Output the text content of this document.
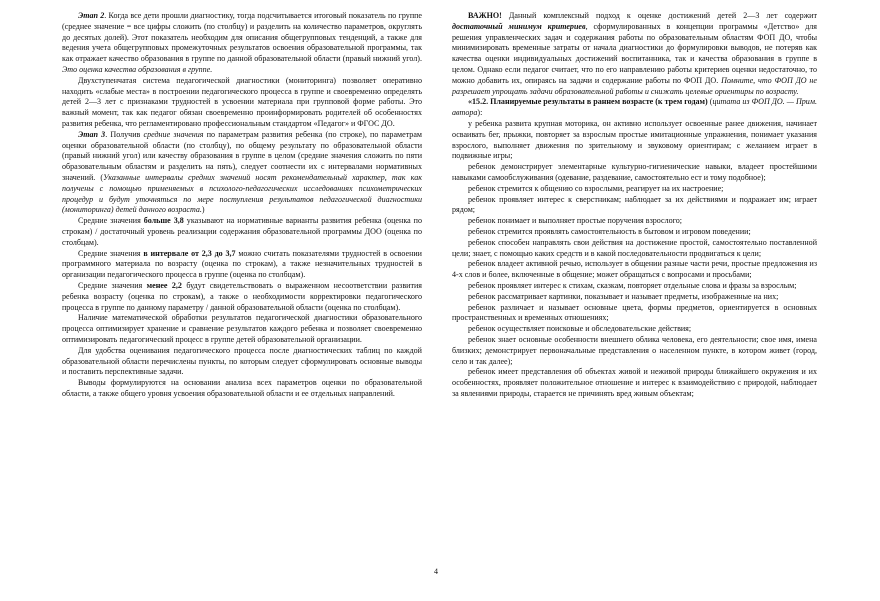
Этап 2. Когда все дети прошли диагностику, тогда подсчитывается итоговый показатель по группе (среднее значение = все цифры сложить (по столбцу) и разделить на количество параметров, округлять до десятых долей). Этот показатель необходим для описания общегрупповых тенденций, а также для ведения учета общегрупповых промежуточных результатов освоения образовательной программы, так как отражает качество образования в группе по данной образовательной области (правый нижний угол). Это оценка качества образования в группе.

Двухступенчатая система педагогической диагностики (мониторинга) позволяет оперативно находить «слабые места» в построении педагогического процесса в группе и своевременно определять детей 2—3 лет с признаками трудностей в усвоении материала при групповой форме работы. Это важный момент, так как педагог обязан своевременно проинформировать родителей об особенностях развития ребенка, что регламентировано профессиональным стандартом «Педагог» и ФГОС ДО.

Этап 3. Получив средние значения по параметрам развития ребенка (по строке), по параметрам оценки образовательной области (по столбцу), по общему результату по образовательной области (правый нижний угол) или качеству образования в группе в целом (средние значения сложить по пяти образовательным областям и разделить на пять), следует соотнести их с интервалами нормативных значений. (Указанные интервалы средних значений носят рекомендательный характер, так как получены с помощью применяемых в психолого-педагогических исследованиях психометрических процедур и будут уточняться по мере поступления результатов педагогической диагностики (мониторинга) детей данного возраста.)

Средние значения больше 3,8 указывают на нормативные варианты развития ребенка (оценка по строкам) / достаточный уровень реализации содержания образовательной программы ДОО (оценка по столбцам).

Средние значения в интервале от 2,3 до 3,7 можно считать показателями трудностей в освоении программного материала по возрасту (оценка по строкам), а также незначительных трудностей в организации педагогического процесса в группе (оценка по столбцам).

Средние значения менее 2,2 будут свидетельствовать о выраженном несоответствии развития ребенка возрасту (оценка по строкам), а также о необходимости корректировки педагогического процесса в группе по данному параметру / данной образовательной области (оценка по столбцам).

Наличие математической обработки результатов педагогической диагностики образовательного процесса оптимизирует хранение и сравнение результатов каждого ребенка и позволяет своевременно оптимизировать педагогический процесс в группе детей образовательной организации.

Для удобства оценивания педагогического процесса после диагностических таблиц по каждой образовательной области перечислены пункты, по которым следует сформулировать основные выводы и поставить перспективные задачи.

Выводы формулируются на основании анализа всех параметров оценки по образовательной области, а также общего уровня усвоения образовательной области и ее отдельных направлений.

ВАЖНО! Данный комплексный подход к оценке достижений детей 2—3 лет содержит достаточный минимум критериев, сформулированных в концепции программы «Детство» для решения управленческих задач и содержания работы по образовательным областям ФОП ДО, чтобы минимизировать временные затраты от начала диагностики до формулировки выводов, не потеряв как качества оценки индивидуальных достижений воспитанника, так и качества образования в группе в целом. Однако если педагог считает, что по его направлению работы критериев оценки недостаточно, то можно добавить их, опираясь на задачи и содержание работы по ФОП ДО. Помните, что ФОП ДО не разрешает упрощать задачи образовательной работы и снижать целевые ориентиры по возрасту.

«15.2. Планируемые результаты в раннем возрасте (к трем годам) (цитата из ФОП ДО. — Прим. автора):

у ребенка развита крупная моторика, он активно использует освоенные ранее движения, начинает осваивать бег, прыжки, повторяет за взрослым простые имитационные упражнения, понимает указания взрослого, выполняет движения по зрительному и звуковому ориентирам; с желанием играет в подвижные игры;

ребенок демонстрирует элементарные культурно-гигиенические навыки, владеет простейшими навыками самообслуживания (одевание, раздевание, самостоятельно ест и тому подобное);

ребенок стремится к общению со взрослыми, реагирует на их настроение;

ребенок проявляет интерес к сверстникам; наблюдает за их действиями и подражает им; играет рядом;

ребенок понимает и выполняет простые поручения взрослого;

ребенок стремится проявлять самостоятельность в бытовом и игровом поведении;

ребенок способен направлять свои действия на достижение простой, самостоятельно поставленной цели; знает, с помощью каких средств и в какой последовательности продвигаться к цели;

ребенок владеет активной речью, использует в общении разные части речи, простые предложения из 4-х слов и более, включенные в общение; может обращаться с вопросами и просьбами;

ребенок проявляет интерес к стихам, сказкам, повторяет отдельные слова и фразы за взрослым;

ребенок рассматривает картинки, показывает и называет предметы, изображенные на них;

ребенок различает и называет основные цвета, формы предметов, ориентируется в основных пространственных и временных отношениях;

ребенок осуществляет поисковые и обследовательские действия;

ребенок знает основные особенности внешнего облика человека, его деятельности; свое имя, имена близких; демонстрирует первоначальные представления о населенном пункте, в котором живет (город, село и так далее);

ребенок имеет представления об объектах живой и неживой природы ближайшего окружения и их особенностях, проявляет положительное отношение и интерес к взаимодействию с природой, наблюдает за явлениями природы, старается не причинять вред живым объектам;

4
